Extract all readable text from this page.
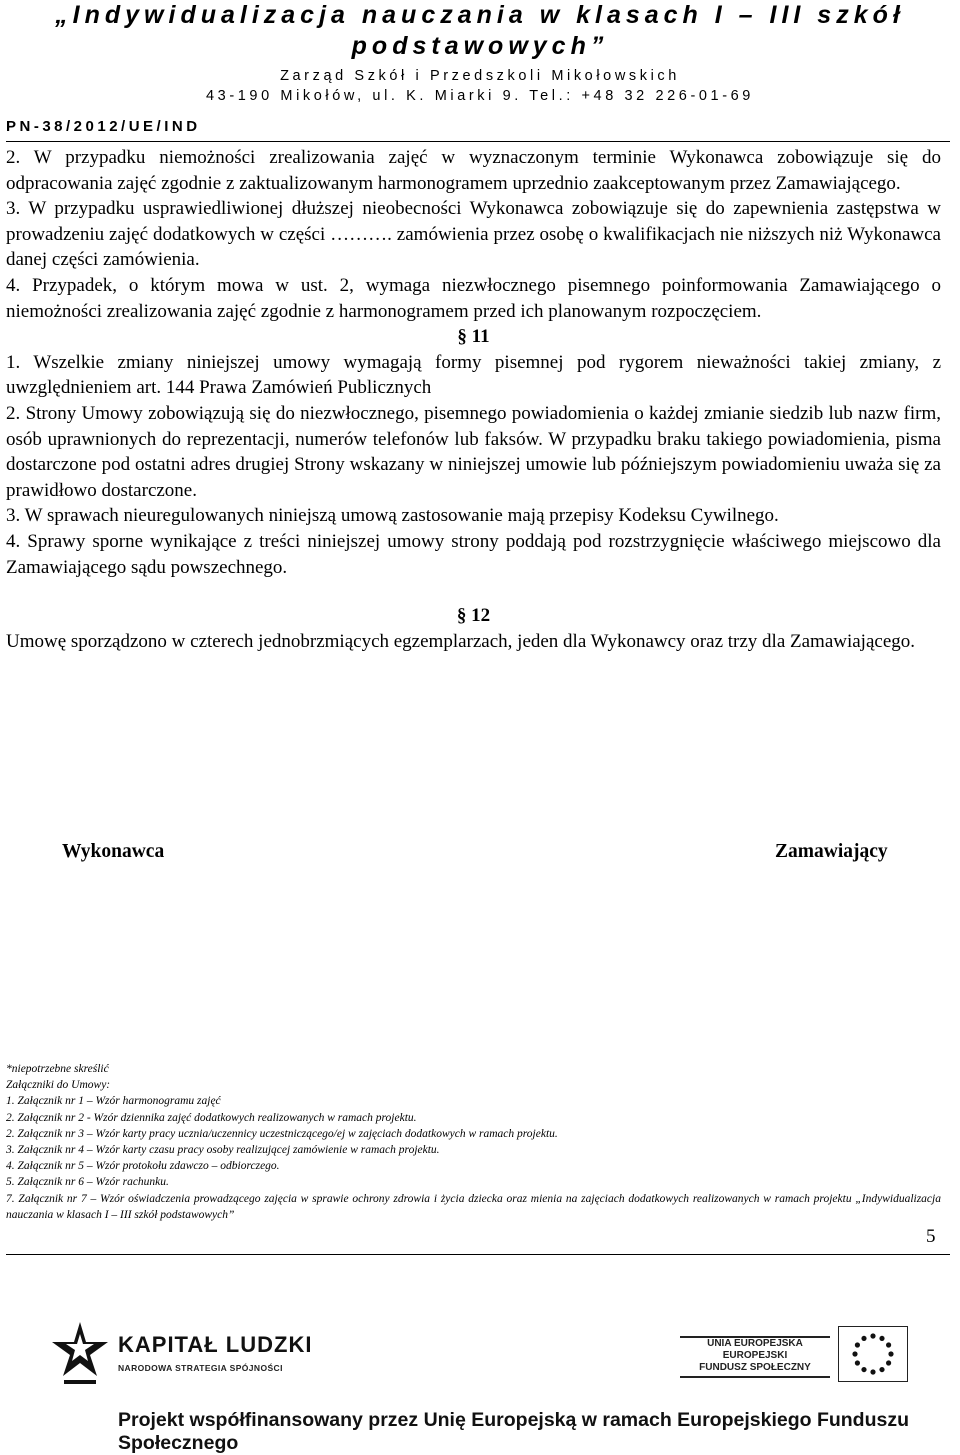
„Indywidualizacja nauczania w klasach I – III szkół
podstawowych”
Zarząd Szkół i Przedszkoli Mikołowskich
43-190 Mikołów, ul. K. Miarki 9. Tel.: +48 32 226-01-69
PN-38/2012/UE/IND

2. W przypadku niemożności zrealizowania zajęć w wyznaczonym terminie Wykonawca zobowiązuje się do odpracowania zajęć zgodnie z zaktualizowanym harmonogramem uprzednio zaakceptowanym przez Zamawiającego.

3. W przypadku usprawiedliwionej dłuższej nieobecności Wykonawca zobowiązuje się do zapewnienia zastępstwa w prowadzeniu zajęć dodatkowych w części ………. zamówienia przez osobę o kwalifikacjach nie niższych niż Wykonawca danej części zamówienia.

4. Przypadek, o którym mowa w ust. 2, wymaga niezwłocznego pisemnego poinformowania Zamawiającego o niemożności zrealizowania zajęć zgodnie z harmonogramem przed ich planowanym rozpoczęciem.

§ 11

1. Wszelkie zmiany niniejszej umowy wymagają formy pisemnej pod rygorem nieważności takiej zmiany, z uwzględnieniem art. 144 Prawa Zamówień Publicznych

2. Strony Umowy zobowiązują się do niezwłocznego, pisemnego powiadomienia o każdej zmianie siedzib lub nazw firm, osób uprawnionych do reprezentacji, numerów telefonów lub faksów. W przypadku braku takiego powiadomienia, pisma dostarczone pod ostatni adres drugiej Strony wskazany w niniejszej umowie lub późniejszym powiadomieniu uważa się za prawidłowo dostarczone.

3. W sprawach nieuregulowanych niniejszą umową zastosowanie mają przepisy Kodeksu Cywilnego.

4. Sprawy sporne wynikające z treści niniejszej umowy strony poddają pod rozstrzygnięcie właściwego miejscowo dla Zamawiającego sądu powszechnego.

§ 12

Umowę sporządzono w czterech jednobrzmiących egzemplarzach, jeden dla Wykonawcy oraz trzy dla Zamawiającego.

Wykonawca	Zamawiający
*niepotrzebne skreślić
Załączniki do Umowy:
1. Załącznik nr 1 – Wzór harmonogramu zajęć
2. Załącznik nr 2 - Wzór dziennika zajęć dodatkowych realizowanych w ramach projektu.
2. Załącznik nr 3 – Wzór karty pracy ucznia/uczennicy uczestniczącego/ej w zajęciach dodatkowych w ramach projektu.
3. Załącznik nr 4 – Wzór karty czasu pracy osoby realizującej zamówienie w ramach projektu.
4. Załącznik nr 5 – Wzór protokołu zdawczo – odbiorczego.
5. Załącznik nr 6 – Wzór rachunku.
7. Załącznik nr 7 – Wzór oświadczenia prowadzącego zajęcia w sprawie ochrony zdrowia i życia dziecka oraz mienia na zajęciach dodatkowych realizowanych w ramach projektu „Indywidualizacja nauczania w klasach I – III szkół podstawowych”
5
KAPITAŁ LUDZKI
NARODOWA STRATEGIA SPÓJNOŚCI
UNIA EUROPEJSKA
EUROPEJSKI
FUNDUSZ SPOŁECZNY
Projekt współfinansowany przez Unię Europejską w ramach Europejskiego Funduszu Społecznego
